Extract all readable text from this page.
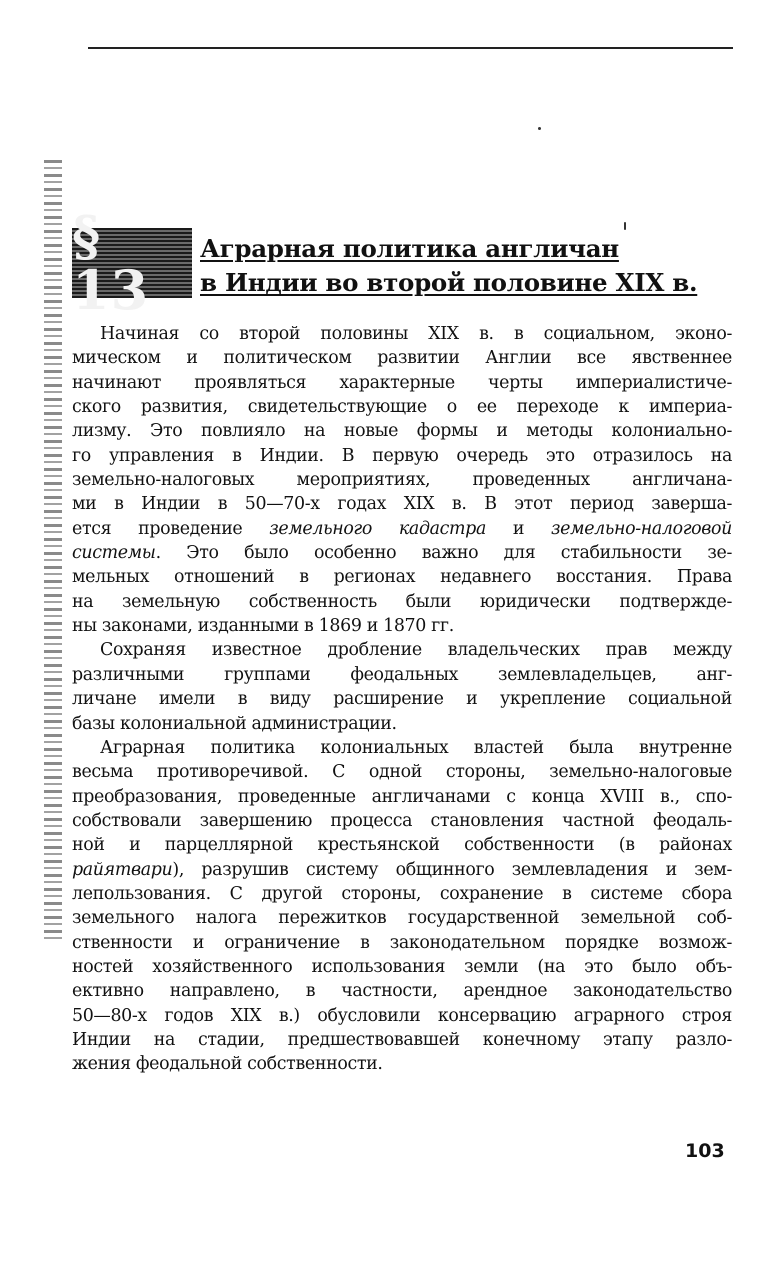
§ 13
Аграрная политика англичан
в Индии во второй половине XIX в.
Начиная со второй половины XIX в. в социальном, эконо-
мическом и политическом развитии Англии все явственнее
начинают проявляться характерные черты империалистиче-
ского развития, свидетельствующие о ее переходе к империа-
лизму. Это повлияло на новые формы и методы колониально-
го управления в Индии. В первую очередь это отразилось на
земельно-налоговых мероприятиях, проведенных англичана-
ми в Индии в 50—70-х годах XIX в. В этот период заверша-
ется проведение земельного кадастра и земельно-налоговой
системы. Это было особенно важно для стабильности зе-
мельных отношений в регионах недавнего восстания. Права
на земельную собственность были юридически подтвержде-
ны законами, изданными в 1869 и 1870 гг.
Сохраняя известное дробление владельческих прав между
различными группами феодальных землевладельцев, анг-
личане имели в виду расширение и укрепление социальной
базы колониальной администрации.
Аграрная политика колониальных властей была внутренне
весьма противоречивой. С одной стороны, земельно-налоговые
преобразования, проведенные англичанами с конца XVIII в., спо-
собствовали завершению процесса становления частной феодаль-
ной и парцеллярной крестьянской собственности (в районах
райятвари), разрушив систему общинного землевладения и зем-
лепользования. С другой стороны, сохранение в системе сбора
земельного налога пережитков государственной земельной соб-
ственности и ограничение в законодательном порядке возмож-
ностей хозяйственного использования земли (на это было объ-
ективно направлено, в частности, арендное законодательство
50—80-х годов XIX в.) обусловили консервацию аграрного строя
Индии на стадии, предшествовавшей конечному этапу разло-
жения феодальной собственности.
103
